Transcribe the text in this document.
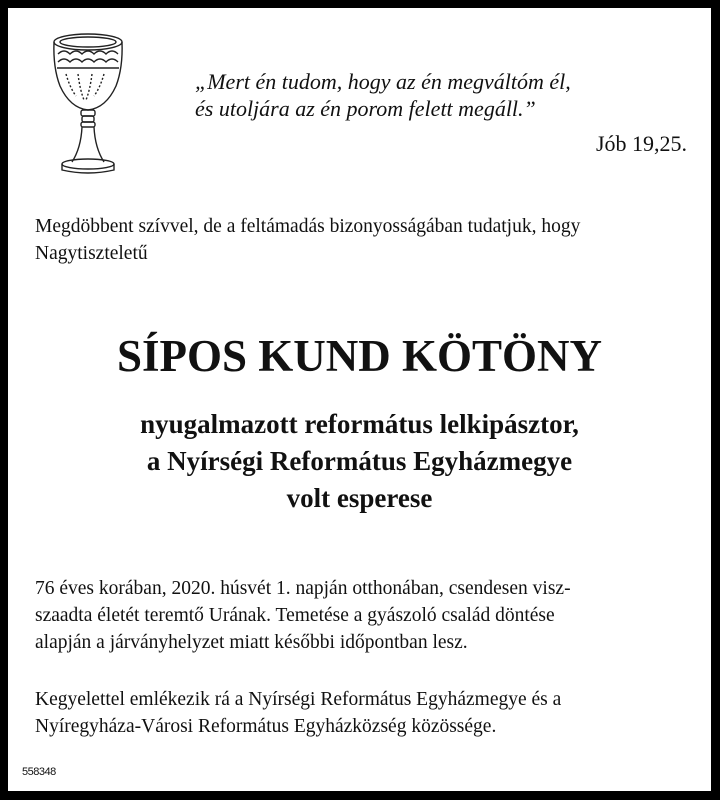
„Mert én tudom, hogy az én megváltóm él,
és utoljára az én porom felett megáll.”
Jób 19,25.
Megdöbbent szívvel, de a feltámadás bizonyosságában tudatjuk, hogy
Nagytiszteletű
SÍPOS KUND KÖTÖNY
nyugalmazott református lelkipásztor,
a Nyírségi Református Egyházmegye
volt esperese
76 éves korában, 2020. húsvét 1. napján otthonában, csendesen visz-
szaadta életét teremtő Urának. Temetése a gyászoló család döntése
alapján a járványhelyzet miatt későbbi időpontban lesz.
Kegyelettel emlékezik rá a Nyírségi Református Egyházmegye és a
Nyíregyháza-Városi Református Egyházközség közössége.
558348
